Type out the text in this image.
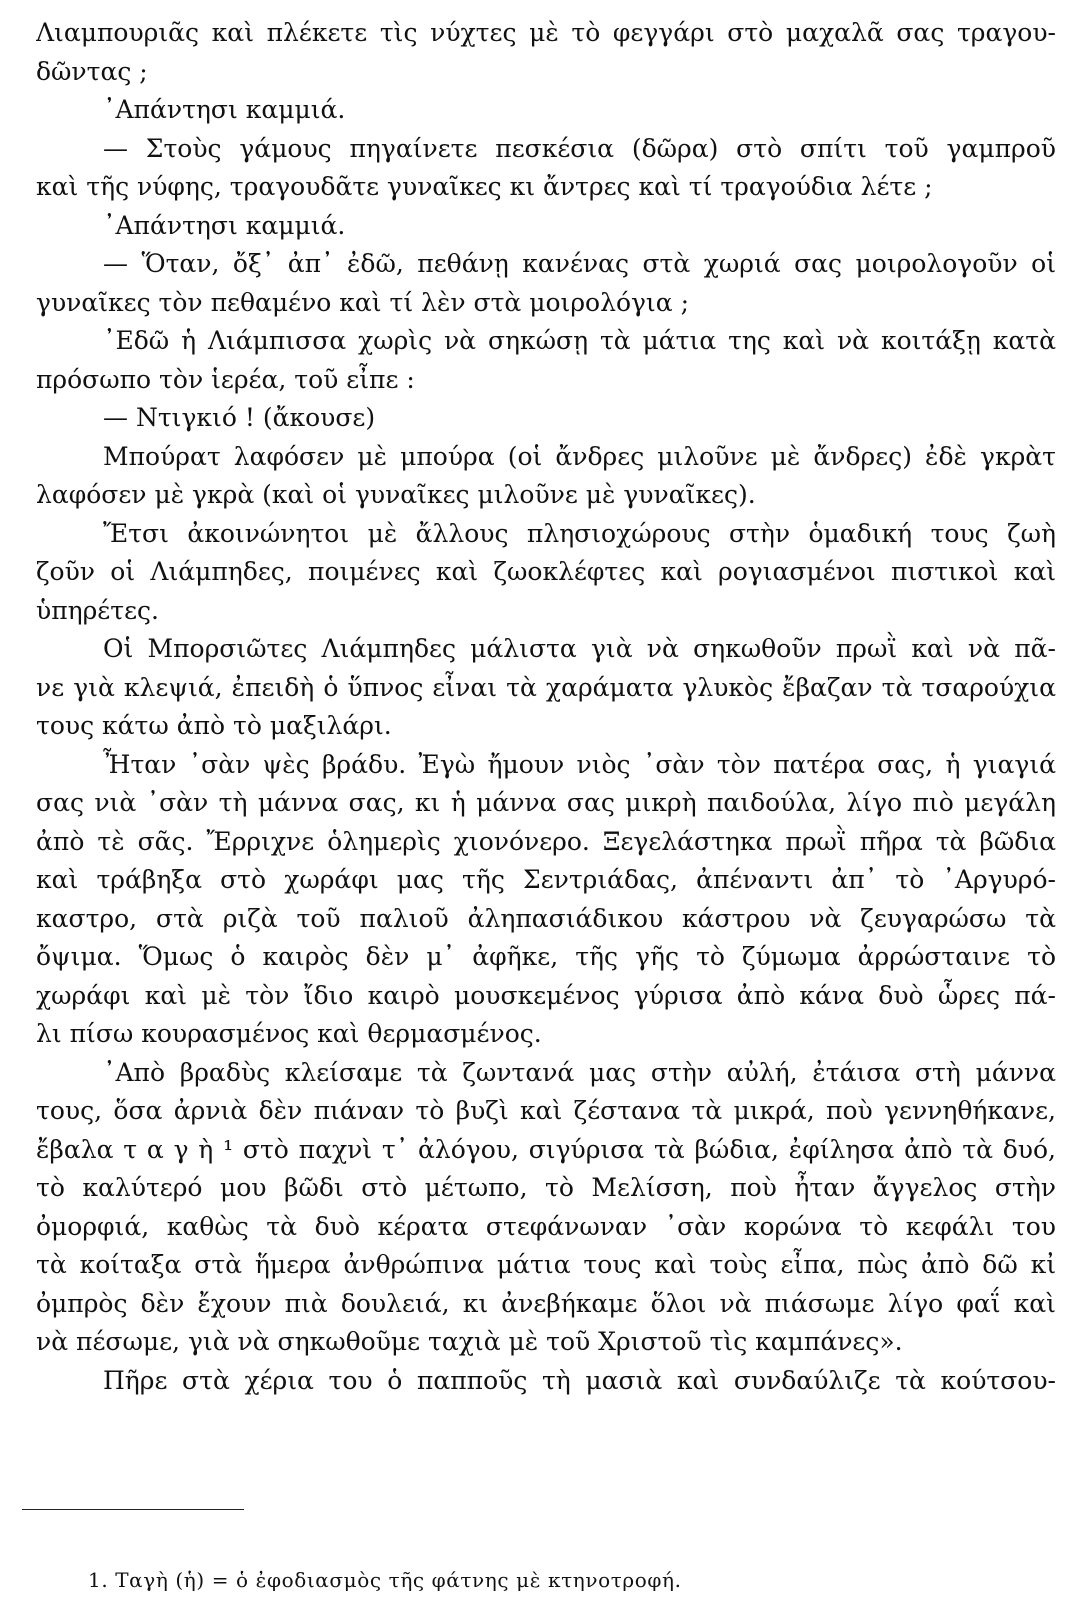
Λιαμπουριᾶς καὶ πλέκετε τὶς νύχτες μὲ τὸ φεγγάρι στὸ μαχαλᾶ σας τραγου-
δῶντας ;
᾿Απάντησι καμμιά.
— Στοὺς γάμους πηγαίνετε πεσκέσια (δῶρα) στὸ σπίτι τοῦ γαμπροῦ
καὶ τῆς νύφης, τραγουδᾶτε γυναῖκες κι ἄντρες καὶ τί τραγούδια λέτε ;
᾿Απάντησι καμμιά.
— Ὅταν, ὄξ᾿ ἀπ᾿ ἐδῶ, πεθάνῃ κανένας στὰ χωριά σας μοιρολογοῦν οἱ
γυναῖκες τὸν πεθαμένο καὶ τί λὲν στὰ μοιρολόγια ;
᾿Εδῶ ἡ Λιάμπισσα χωρὶς νὰ σηκώσῃ τὰ μάτια της καὶ νὰ κοιτάξῃ κατὰ
πρόσωπο τὸν ἱερέα, τοῦ εἶπε :
— Ντιγκιό ! (ἄκουσε)
Μπούρατ λαφόσεν μὲ μπούρα (οἱ ἄνδρες μιλοῦνε μὲ ἄνδρες) ἐδὲ γκρὰτ
λαφόσεν μὲ γκρὰ (καὶ οἱ γυναῖκες μιλοῦνε μὲ γυναῖκες).
Ἔτσι ἀκοινώνητοι μὲ ἄλλους πλησιοχώρους στὴν ὁμαδική τους ζωὴ
ζοῦν οἱ Λιάμπηδες, ποιμένες καὶ ζωοκλέφτες καὶ ρογιασμένοι πιστικοὶ καὶ
ὑπηρέτες.
Οἱ Μπορσιῶτες Λιάμπηδες μάλιστα γιὰ νὰ σηκωθοῦν πρωῒ καὶ νὰ πᾶ-
νε γιὰ κλεψιά, ἐπειδὴ ὁ ὕπνος εἶναι τὰ χαράματα γλυκὸς ἔβαζαν τὰ τσαρούχια
τους κάτω ἀπὸ τὸ μαξιλάρι.
Ἦταν ᾿σὰν ψὲς βράδυ. Ἐγὼ ἤμουν νιὸς ᾿σὰν τὸν πατέρα σας, ἡ γιαγιά
σας νιὰ ᾿σὰν τὴ μάννα σας, κι ἡ μάννα σας μικρὴ παιδούλα, λίγο πιὸ μεγάλη
ἀπὸ τὲ σᾶς. Ἔρριχνε ὁλημερὶς χιονόνερο. Ξεγελάστηκα πρωῒ πῆρα τὰ βῶδια
καὶ τράβηξα στὸ χωράφι μας τῆς Σεντριάδας, ἀπέναντι ἀπ᾿ τὸ ᾿Αργυρό-
καστρο, στὰ ριζὰ τοῦ παλιοῦ ἀληπασιάδικου κάστρου νὰ ζευγαρώσω τὰ
ὄψιμα. Ὅμως ὁ καιρὸς δὲν μ᾿ ἀφῆκε, τῆς γῆς τὸ ζύμωμα ἀρρώσταινε τὸ
χωράφι καὶ μὲ τὸν ἴδιο καιρὸ μουσκεμένος γύρισα ἀπὸ κάνα δυὸ ὧρες πά-
λι πίσω κουρασμένος καὶ θερμασμένος.
᾿Απὸ βραδὺς κλείσαμε τὰ ζωντανά μας στὴν αὐλή, ἐτάισα στὴ μάννα
τους, ὅσα ἀρνιὰ δὲν πιάναν τὸ βυζὶ καὶ ζέστανα τὰ μικρά, ποὺ γεννηθήκανε,
ἔβαλα τ α γ ὴ ¹ στὸ παχνὶ τ᾿ ἀλόγου, σιγύρισα τὰ βώδια, ἐφίλησα ἀπὸ τὰ δυό,
τὸ καλύτερό μου βῶδι στὸ μέτωπο, τὸ Μελίσση, ποὺ ἦταν ἄγγελος στὴν
ὀμορφιά, καθὼς τὰ δυὸ κέρατα στεφάνωναν ᾿σὰν κορώνα τὸ κεφάλι του
τὰ κοίταξα στὰ ἥμερα ἀνθρώπινα μάτια τους καὶ τοὺς εἶπα, πὼς ἀπὸ δῶ κἰ
ὀμπρὸς δὲν ἔχουν πιὰ δουλειά, κι ἀνεβήκαμε ὅλοι νὰ πιάσωμε λίγο φαΐ καὶ
νὰ πέσωμε, γιὰ νὰ σηκωθοῦμε ταχιὰ μὲ τοῦ Χριστοῦ τὶς καμπάνες».
Πῆρε στὰ χέρια του ὁ παπποῦς τὴ μασιὰ καὶ συνδαύλιζε τὰ κούτσου-
1. Ταγὴ (ἡ) = ὁ ἐφοδιασμὸς τῆς φάτνης μὲ κτηνοτροφή.
